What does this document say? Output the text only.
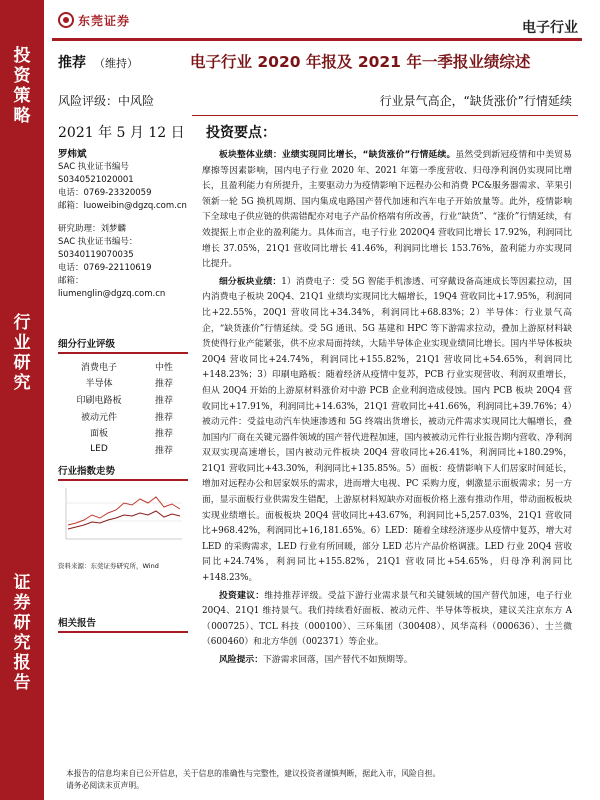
投
资
策
略
行
业
研
究
证
券
研
究
报
告
东莞证券	电子行业
推荐 （维持）
风险评级：中风险
2021 年 5 月 12 日
电子行业 2020 年报及 2021 年一季报业绩综述
行业景气高企，“缺货涨价”行情延续
投资要点：
罗炜斌
SAC 执业证书编号
S0340521020001
电话：0769-23320059
邮箱：luoweibin@dgzq.com.cn
研究助理：刘梦麟
SAC 执业证书编号：
S0340119070035
电话：0769-22110619
邮箱：
liumenglin@dgzq.com.cn
细分行业评级
消费电子	中性
半导体	推荐
印刷电路板	推荐
被动元件	推荐
面板	推荐
LED	推荐
行业指数走势
资料来源：东莞证券研究所，Wind
相关报告

板块整体业绩：业绩实现同比增长，“缺货涨价”行情延续。虽然受到新冠疫情和中美贸易摩擦等因素影响，国内电子行业 2020 年、2021 年第一季度营收、归母净利润仍实现同比增长，且盈利能力有所提升，主要驱动力为疫情影响下远程办公和消费 PC&服务器需求、苹果引领新一轮 5G 换机周期、国内集成电路国产替代加速和汽车电子开始放量等。此外，疫情影响下全球电子供应链的供需错配亦对电子产品价格端有所改善，行业“缺货”、“涨价”行情延续，有效提振上市企业的盈利能力。具体而言，电子行业 2020Q4 营收同比增长 17.92%，利润同比增长 37.05%，21Q1 营收同比增长 41.46%，利润同比增长 153.76%，盈利能力亦实现同比提升。

细分板块业绩：1）消费电子：受 5G 智能手机渗透、可穿戴设备高速成长等因素拉动，国内消费电子板块 20Q4、21Q1 业绩均实现同比大幅增长，19Q4 营收同比+17.95%，利润同比+22.55%，20Q1 营收同比+34.34%，利润同比+68.83%；2）半导体：行业景气高企，“缺货涨价”行情延续。受 5G 通讯、5G 基建和 HPC 等下游需求拉动，叠加上游原材料缺货使得行业产能紧张，供不应求局面持续，大陆半导体企业实现业绩同比增长。国内半导体板块 20Q4 营收同比+24.74%，利润同比+155.82%，21Q1 营收同比+54.65%，利润同比+148.23%；3）印刷电路板：随着经济从疫情中复苏，PCB 行业实现营收、利润双重增长，但从 20Q4 开始的上游原材料涨价对中游 PCB 企业利润造成侵蚀。国内 PCB 板块 20Q4 营收同比+17.91%，利润同比+14.63%，21Q1 营收同比+41.66%，利润同比+39.76%；4）被动元件：受益电动汽车快速渗透和 5G 终端出货增长，被动元件需求实现同比大幅增长，叠加国内厂商在关键元器件领域的国产替代进程加速，国内被被动元件行业报告期内营收、净利润双双实现高速增长，国内被动元件板块 20Q4 营收同比+26.41%，利润同比+180.29%，21Q1 营收同比+43.30%，利润同比+135.85%。5）面板：疫情影响下人们居家时间延长，增加对远程办公和居家娱乐的需求，进而增大电视、PC 采购力度，刺激显示面板需求；另一方面，显示面板行业供需发生错配，上游原材料短缺亦对面板价格上涨有推动作用，带动面板板块实现业绩增长。面板板块 20Q4 营收同比+43.67%，利润同比+5,257.03%，21Q1 营收同比+968.42%，利润同比+16,181.65%。6）LED：随着全球经济逐步从疫情中复苏，增大对 LED 的采购需求，LED 行业有所回暖，部分 LED 芯片产品价格调涨。LED 行业 20Q4 营收同比+24.74%，利润同比+155.82%，21Q1 营收同比+54.65%，归母净利润同比+148.23%。

投资建议：维持推荐评级。受益下游行业需求景气和关键领域的国产替代加速，电子行业 20Q4、21Q1 维持景气。我们持续看好面板、被动元件、半导体等板块，建议关注京东方 A（000725）、TCL 科技（000100）、三环集团（300408）、风华高科（000636）、士兰微（600460）和北方华创（002371）等企业。

风险提示：下游需求回落，国产替代不如预期等。

本报告的信息均来自已公开信息，关于信息的准确性与完整性，建议投资者谨慎判断，据此入市，风险自担。
请务必阅读末页声明。
